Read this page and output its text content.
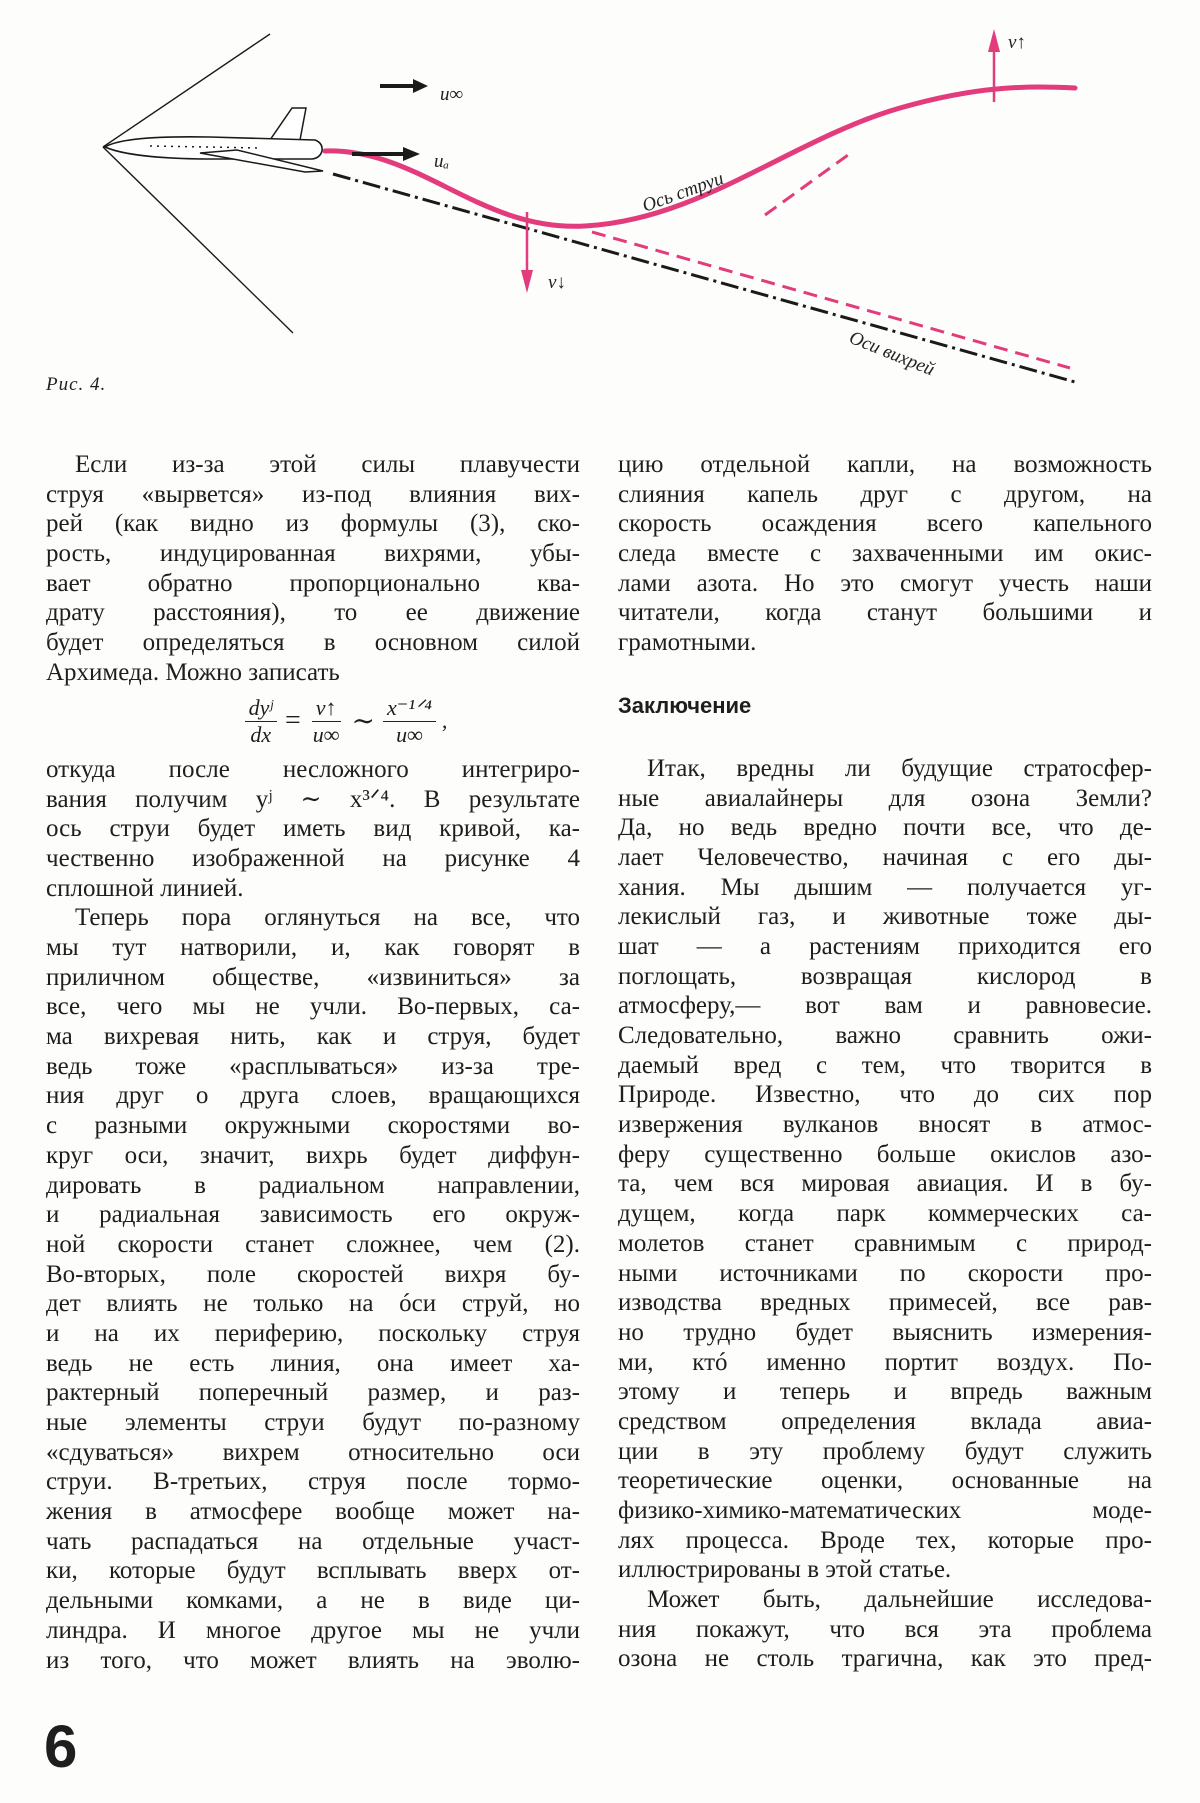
u∞
uₐ
v↓
v↑
Ось струи
Оси вихрей
Рис. 4.
Если из-за этой силы плавучести
струя «вырвется» из-под влияния вих-
рей (как видно из формулы (3), ско-
рость, индуцированная вихрями, убы-
вает обратно пропорционально ква-
драту расстояния), то ее движение
будет определяться в основном силой
Архимеда. Можно записать
$\frac{\text{dyʲ}}{dx} = \frac{v↑}{u\infty}$ ∼ $\frac{\text{x⁻¹ᐟ⁴}}{u\infty}$ ,
откуда после несложного интегриро-
вания получим yʲ ∼ x³ᐟ⁴. В результате
ось струи будет иметь вид кривой, ка-
чественно изображенной на рисунке 4
сплошной линией.
Теперь пора оглянуться на все, что
мы тут натворили, и, как говорят в
приличном обществе, «извиниться» за
все, чего мы не учли. Во-первых, са-
ма вихревая нить, как и струя, будет
ведь тоже «расплываться» из-за тре-
ния друг о друга слоев, вращающихся
с разными окружными скоростями во-
круг оси, значит, вихрь будет диффун-
дировать в радиальном направлении,
и радиальная зависимость его окруж-
ной скорости станет сложнее, чем (2).
Во-вторых, поле скоростей вихря бу-
дет влиять не только на óси струй, но
и на их периферию, поскольку струя
ведь не есть линия, она имеет ха-
рактерный поперечный размер, и раз-
ные элементы струи будут по-разному
«сдуваться» вихрем относительно оси
струи. В-третьих, струя после тормо-
жения в атмосфере вообще может на-
чать распадаться на отдельные участ-
ки, которые будут всплывать вверх от-
дельными комками, а не в виде ци-
линдра. И многое другое мы не учли
из того, что может влиять на эволю-
цию отдельной капли, на возможность
слияния капель друг с другом, на
скорость осаждения всего капельного
следа вместе с захваченными им окис-
лами азота. Но это смогут учесть наши
читатели, когда станут большими и
грамотными.
Заключение
Итак, вредны ли будущие стратосфер-
ные авиалайнеры для озона Земли?
Да, но ведь вредно почти все, что де-
лает Человечество, начиная с его ды-
хания. Мы дышим — получается уг-
лекислый газ, и животные тоже ды-
шат — а растениям приходится его
поглощать, возвращая кислород в
атмосферу,— вот вам и равновесие.
Следовательно, важно сравнить ожи-
даемый вред с тем, что творится в
Природе. Известно, что до сих пор
извержения вулканов вносят в атмос-
феру существенно больше окислов азо-
та, чем вся мировая авиация. И в бу-
дущем, когда парк коммерческих са-
молетов станет сравнимым с природ-
ными источниками по скорости про-
изводства вредных примесей, все рав-
но трудно будет выяснить измерения-
ми, ктó именно портит воздух. По-
этому и теперь и впредь важным
средством определения вклада авиа-
ции в эту проблему будут служить
теоретические оценки, основанные на
физико-химико-математических моде-
лях процесса. Вроде тех, которые про-
иллюстрированы в этой статье.
Может быть, дальнейшие исследова-
ния покажут, что вся эта проблема
озона не столь трагична, как это пред-
6
